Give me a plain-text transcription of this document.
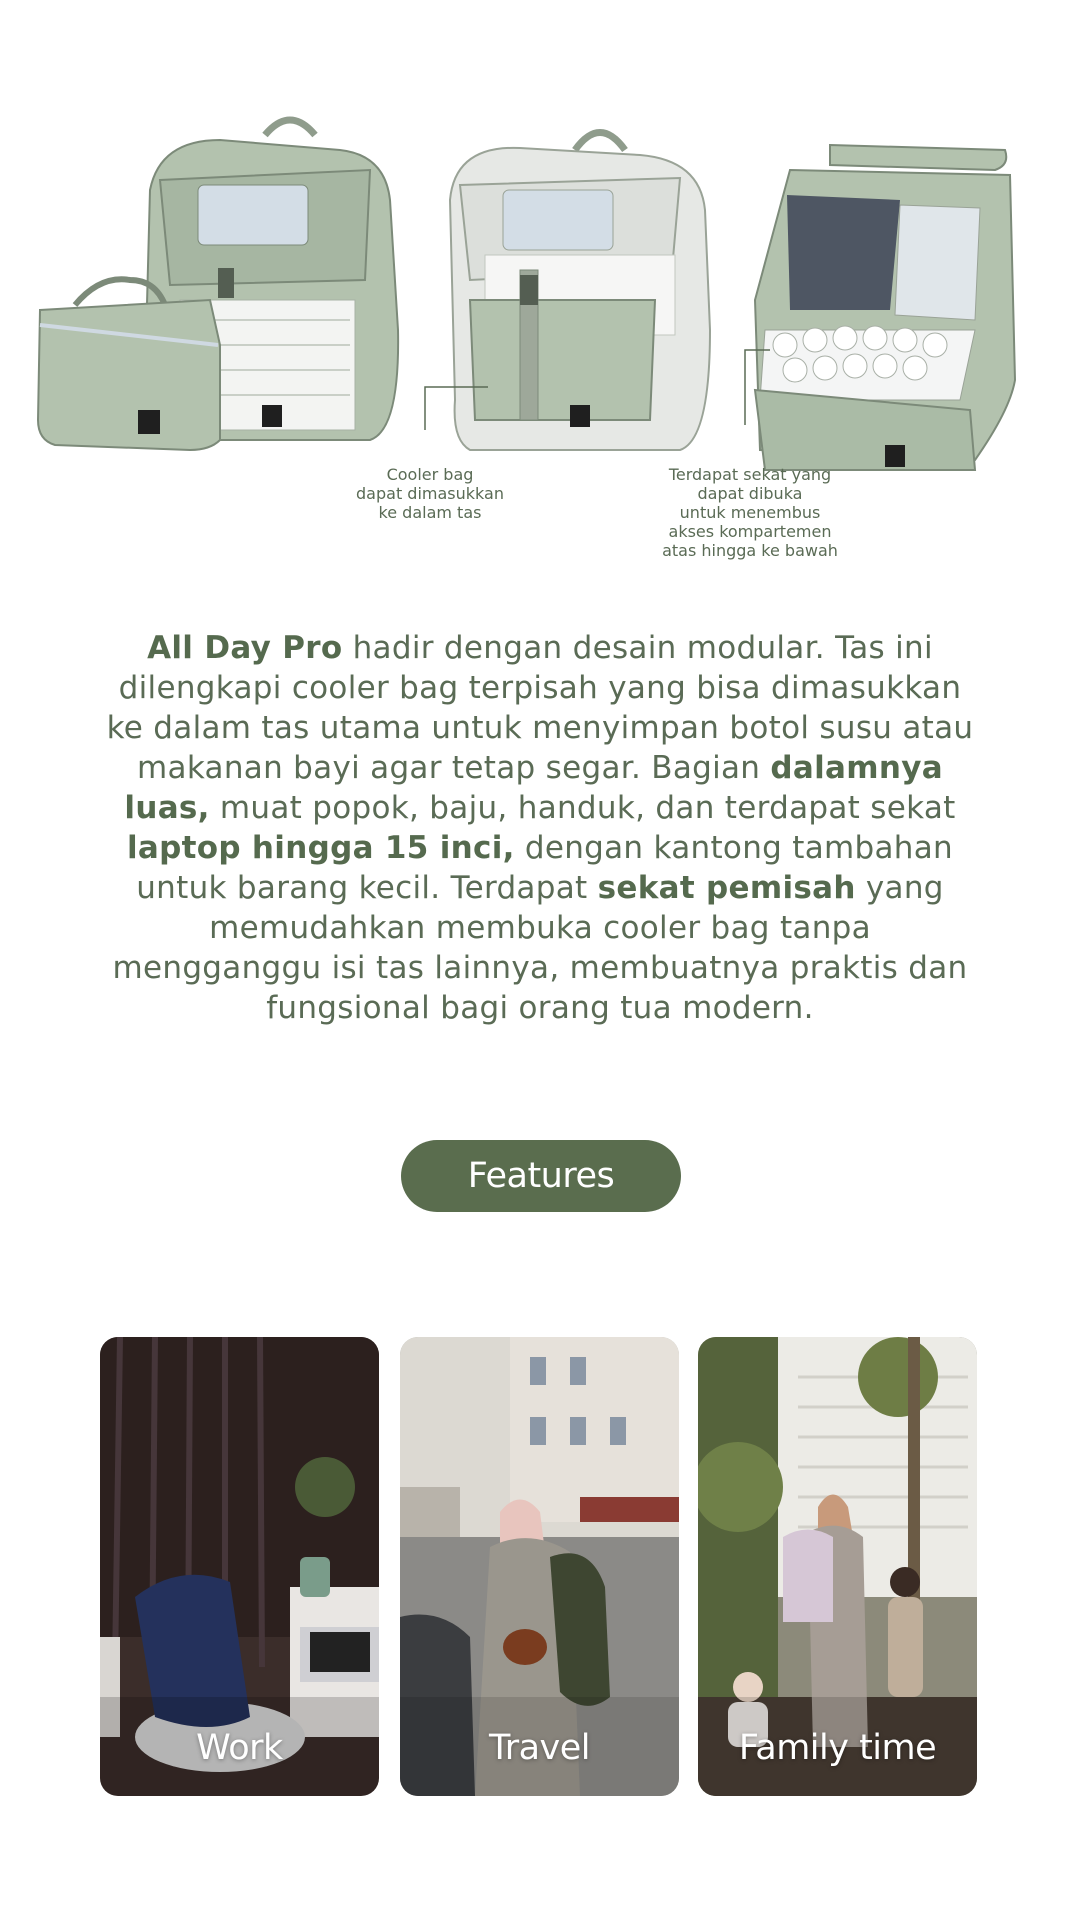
Cooler bag
dapat dimasukkan
ke dalam tas
Terdapat sekat yang
dapat dibuka
untuk menembus
akses kompartemen
atas hingga ke bawah

All Day Pro hadir dengan desain modular. Tas ini dilengkapi cooler bag terpisah yang bisa dimasukkan ke dalam tas utama untuk menyimpan botol susu atau makanan bayi agar tetap segar. Bagian dalamnya luas, muat popok, baju, handuk, dan terdapat sekat laptop hingga 15 inci, dengan kantong tambahan untuk barang kecil. Terdapat sekat pemisah yang memudahkan membuka cooler bag tanpa mengganggu isi tas lainnya, membuatnya praktis dan fungsional bagi orang tua modern.

Features
Work	Travel	Family time
